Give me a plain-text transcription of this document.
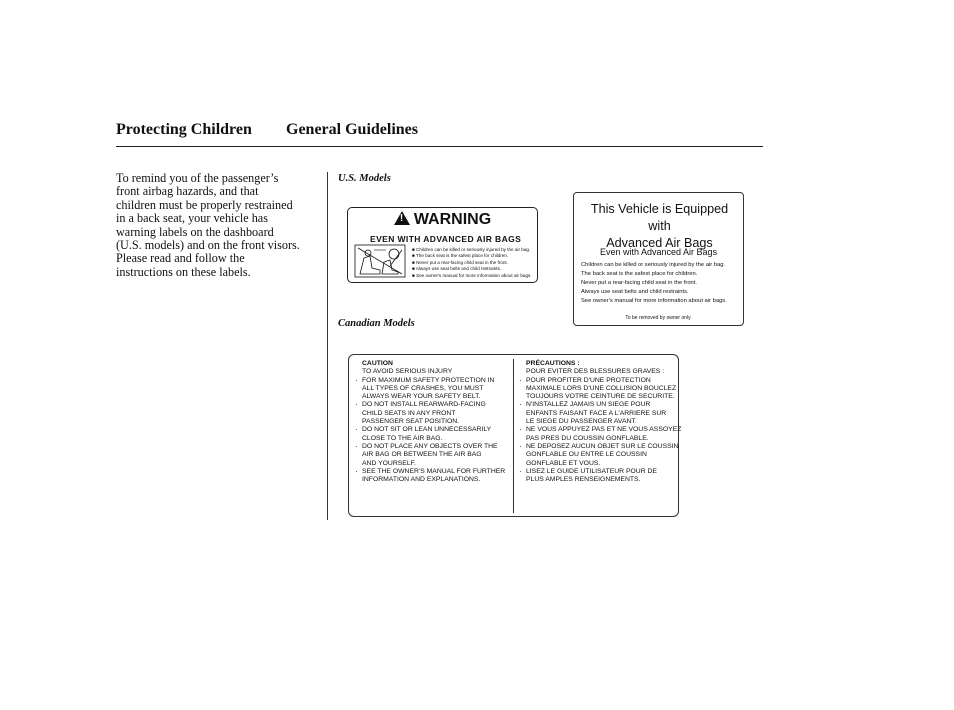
Protecting Children General Guidelines
To remind you of the passenger’s
front airbag hazards, and that
children must be properly restrained
in a back seat, your vehicle has
warning labels on the dashboard
(U.S. models) and on the front visors.
Please read and follow the
instructions on these labels.
U.S. Models
!WARNING
EVEN WITH ADVANCED AIR BAGS
■ Children can be killed or seriously injured by the air bag.
■ The back seat is the safest place for children.
■ Never put a rear-facing child seat in the front.
■ Always use seat belts and child restraints.
■ See owner's manual for more information about air bags.
This Vehicle is Equipped with
Advanced Air Bags
Even with Advanced Air Bags
Children can be killed or seriously injured by the air bag.
The back seat is the safest place for children.
Never put a rear-facing child seat in the front.
Always use seat belts and child restraints.
See owner's manual for more information about air bags.
To be removed by owner only.
Canadian Models
CAUTION
TO AVOID SERIOUS INJURY
· FOR MAXIMUM SAFETY PROTECTION IN
ALL TYPES OF CRASHES, YOU MUST
ALWAYS WEAR YOUR SAFETY BELT.
· DO NOT INSTALL REARWARD-FACING
CHILD SEATS IN ANY FRONT
PASSENGER SEAT POSITION.
· DO NOT SIT OR LEAN UNNECESSARILY
CLOSE TO THE AIR BAG.
· DO NOT PLACE ANY OBJECTS OVER THE
AIR BAG OR BETWEEN THE AIR BAG
AND YOURSELF.
· SEE THE OWNER'S MANUAL FOR FURTHER
INFORMATION AND EXPLANATIONS.
PRÉCAUTIONS :
POUR EVITER DES BLESSURES GRAVES :
· POUR PROFITER D'UNE PROTECTION
MAXIMALE LORS D'UNE COLLISION BOUCLEZ
TOUJOURS VOTRE CEINTURE DE SECURITE.
· N'INSTALLEZ JAMAIS UN SIEGE POUR
ENFANTS FAISANT FACE A L'ARRIERE SUR
LE SIEGE DU PASSENGER AVANT.
· NE VOUS APPUYEZ PAS ET NE VOUS ASSOYEZ
PAS PRES DU COUSSIN GONFLABLE.
· NE DEPOSEZ AUCUN OBJET SUR LE COUSSIN
GONFLABLE OU ENTRE LE COUSSIN
GONFLABLE ET VOUS.
· LISEZ LE GUIDE UTILISATEUR POUR DE
PLUS AMPLES RENSEIGNEMENTS.
